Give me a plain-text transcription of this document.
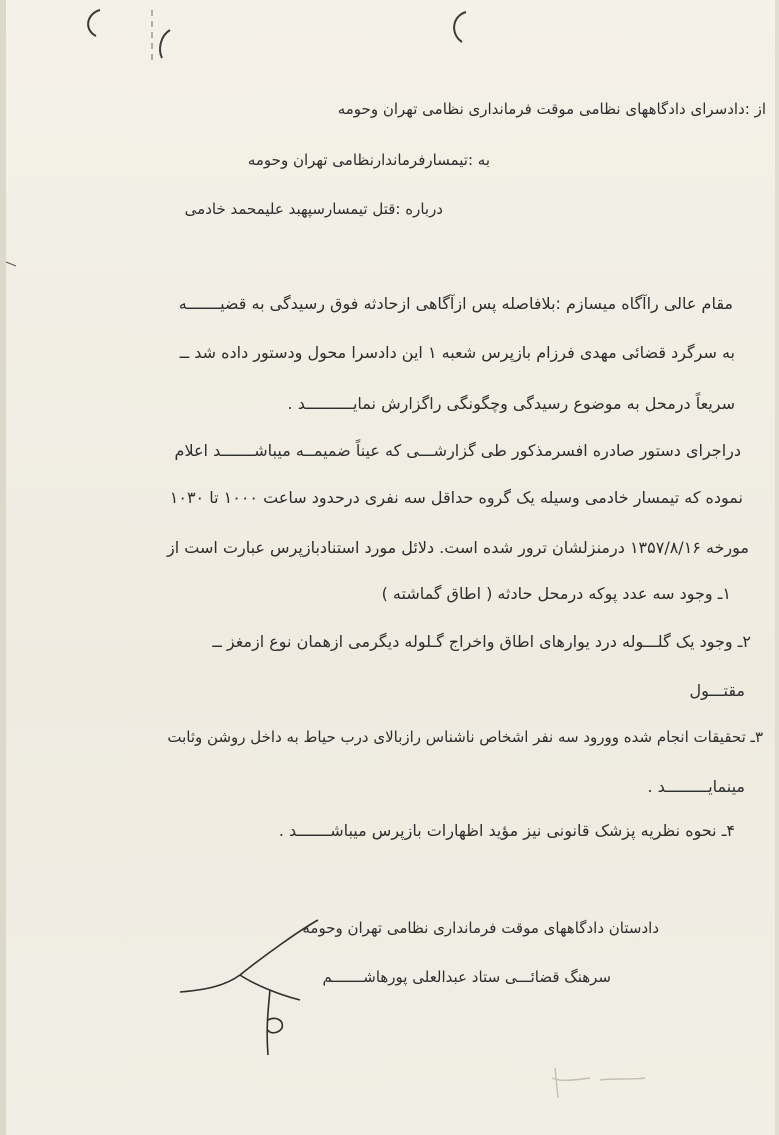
از :دادسرای دادگاههای نظامی موقت فرمانداری نظامی تهران وحومه
به :تیمسارفرماندارنظامی تهران وحومه
درباره :قتل تیمسارسپهبد علیمحمد خادمی
مقام عالی راآگاه میسازم :بلافاصله پس ازآگاهی ازحادثه فوق رسیدگی به قضیـــــــه
به سرگرد قضائی مهدی فرزام بازپرس شعبه ۱ این دادسرا محول ودستور داده شد ــ
سریعاً درمحل به موضوع رسیدگی وچگونگی راگزارش نمایــــــــــد .
دراجرای دستور صادره افسرمذکور طی گزارشـــی که عیناً ضمیمــه میباشـــــــد اعلام
نموده که تیمسار خادمی وسیله یک گروه حداقل سه نفری درحدود ساعت ۱۰۰۰ تا ۱۰۳۰
مورخه ۱۳۵۷/۸/۱۶ درمنزلشان ترور شده است. دلائل مورد استنادبازپرس عبارت است از
۱ـ وجود سه عدد پوکه درمحل حادثه ( اطاق گماشته )
۲ـ وجود یک گلـــوله درد یوارهای اطاق واخراج گـلوله دیگرمی ازهمان نوع ازمغز ــ
مقتـــول
۳ـ تحقیقات انجام شده وورود سه نفر اشخاص ناشناس رازبالای درب حیاط به داخل روشن وثابت
مینمایـــــــــد .
۴ـ نحوه نظریه پزشک قانونی نیز مؤید اظهارات بازپرس میباشـــــــد .
دادستان دادگاههای موقت فرمانداری نظامی تهران وحومه
سرهنگ قضائـــی ستاد عبدالعلی پورهاشـــــــم
